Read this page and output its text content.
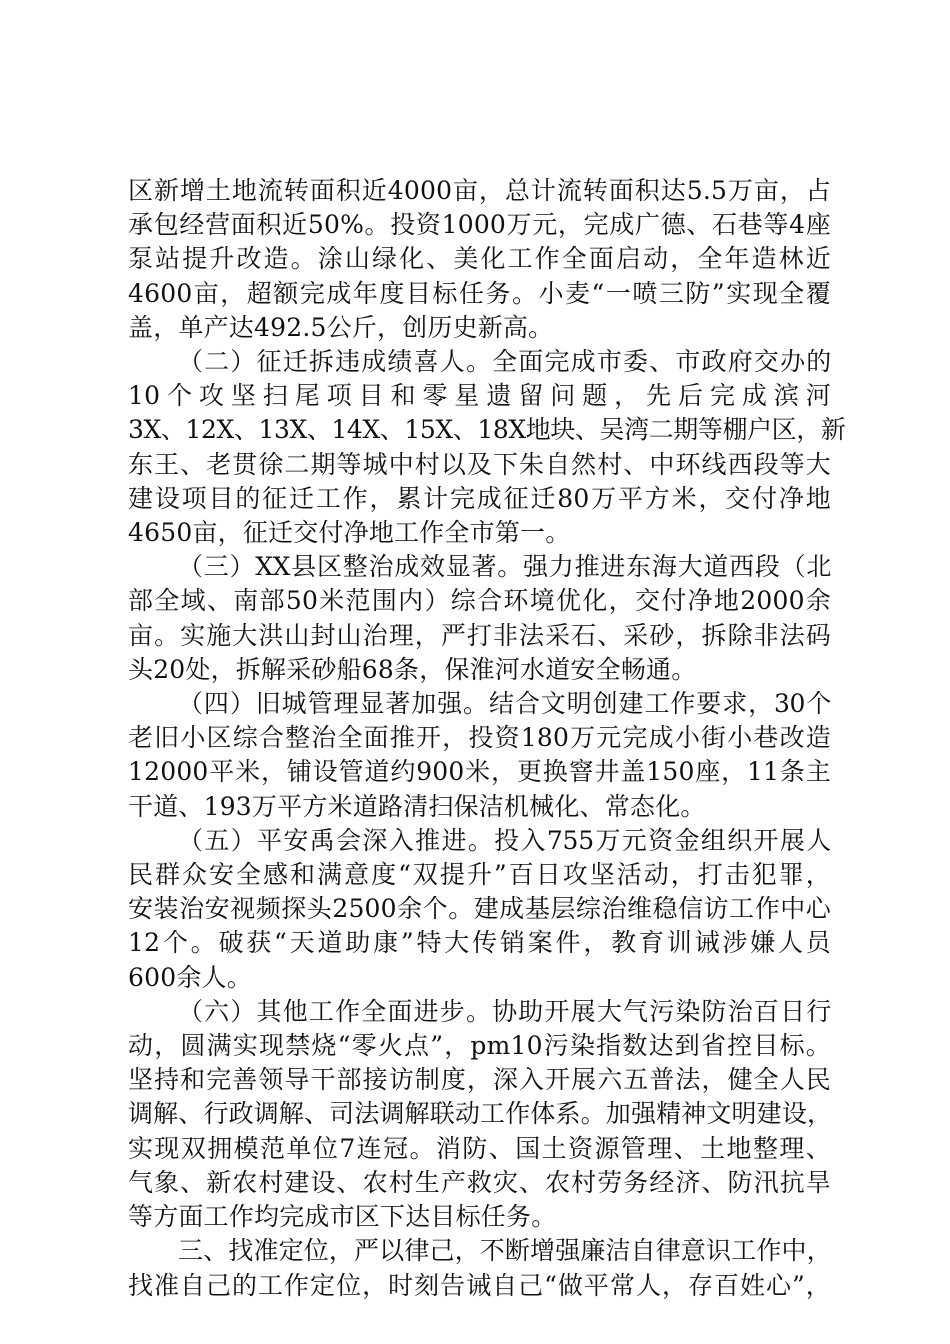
区新增土地流转面积近4000亩，总计流转面积达5.5万亩，占
承包经营面积近50%。投资1000万元，完成广德、石巷等4座
泵站提升改造。涂山绿化、美化工作全面启动，全年造林近
4600亩，超额完成年度目标任务。小麦“一喷三防”实现全覆
盖，单产达492.5公斤，创历史新高。
（二）征迁拆违成绩喜人。全面完成市委、市政府交办的
10个攻坚扫尾项目和零星遗留问题，先后完成滨河
3X、12X、13X、14X、15X、18X地块、吴湾二期等棚户区，新
东王、老贯徐二期等城中村以及下朱自然村、中环线西段等大
建设项目的征迁工作，累计完成征迁80万平方米，交付净地
4650亩，征迁交付净地工作全市第一。
（三）XX县区整治成效显著。强力推进东海大道西段（北
部全域、南部50米范围内）综合环境优化，交付净地2000余
亩。实施大洪山封山治理，严打非法采石、采砂，拆除非法码
头20处，拆解采砂船68条，保淮河水道安全畅通。
（四）旧城管理显著加强。结合文明创建工作要求，30个
老旧小区综合整治全面推开，投资180万元完成小街小巷改造
12000平米，铺设管道约900米，更换窨井盖150座，11条主
干道、193万平方米道路清扫保洁机械化、常态化。
（五）平安禹会深入推进。投入755万元资金组织开展人
民群众安全感和满意度“双提升”百日攻坚活动，打击犯罪，
安装治安视频探头2500余个。建成基层综治维稳信访工作中心
12个。破获“天道助康”特大传销案件，教育训诫涉嫌人员
600余人。
（六）其他工作全面进步。协助开展大气污染防治百日行
动，圆满实现禁烧“零火点”，pm10污染指数达到省控目标。
坚持和完善领导干部接访制度，深入开展六五普法，健全人民
调解、行政调解、司法调解联动工作体系。加强精神文明建设，
实现双拥模范单位7连冠。消防、国土资源管理、土地整理、
气象、新农村建设、农村生产救灾、农村劳务经济、防汛抗旱
等方面工作均完成市区下达目标任务。
三、找准定位，严以律己，不断增强廉洁自律意识工作中，
找准自己的工作定位，时刻告诫自己“做平常人，存百姓心”，
